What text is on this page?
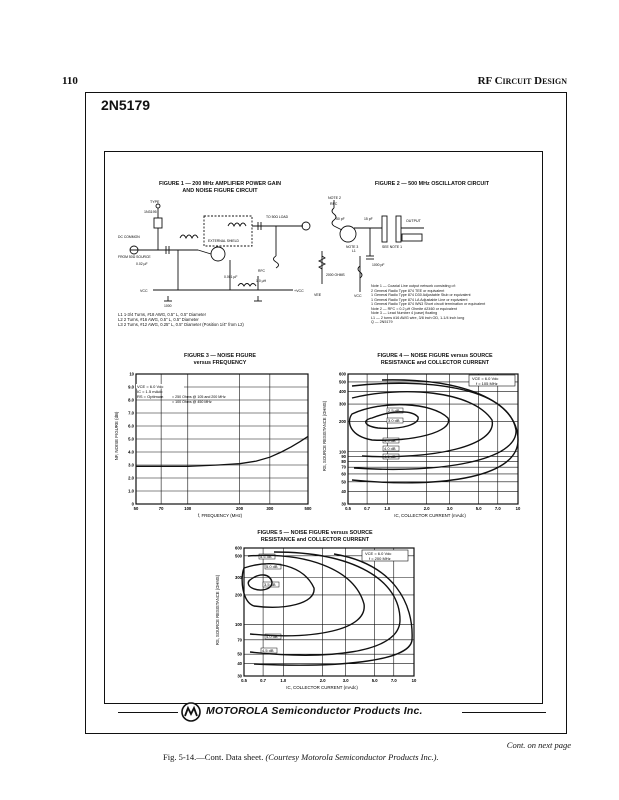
110	RF Circuit Design
2N5179
FIGURE 1 — 200 MHz AMPLIFIER POWER GAIN
AND NOISE FIGURE CIRCUIT
TYPE
1N3195
DC COMMON
FROM 50Ω SOURCE
0.02 µF
EXTERNAL SHIELD
TO 50Ω LOAD
VCC	+VCC
1000
0.001 µF
RFC
1.0 µH
L1 1-3/4 Turns, #18 AWG, 0.5" L, 0.5" Diameter
L2 2 Turns, #16 AWG, 0.5" L, 0.5" Diameter
L3 2 Turns, #12 AWG, 0.25" L, 0.5" Diameter (Position 1/4" from L2)
FIGURE 2 — 500 MHz OSCILLATOR CIRCUIT
NOTE 2
RFC
50 pF	15 pF	OUTPUT
NOTE 3	SEE NOTE 1
L1
1000 pF
VEE	VCC
2000 OHMS
Note 1 — Coaxial Line output network consisting of:
2 General Radio Type 874 TEE or equivalent
1 General Radio Type 874 D30 Adjustable Stub or equivalent
1 General Radio Type 874 LA Adjustable Line or equivalent
1 General Radio Type 874 WN3 Short circuit termination or equivalent
Note 2 — RFC = 0.2 µH Ohmite #Z460 or equivalent
Note 3 — Lead Number 4 (case) floating
L1 — 2 turns #16 AWG wire, 3/8 inch OD, 1-1/4 inch long
Q — 2N5179
FIGURE 3 — NOISE FIGURE
versus FREQUENCY
50	70	100	200	300	500
0
1.0
2.0
3.0
4.0
5.0
6.0
7.0
8.0
9.0
10
VCE = 6.0 Vdc
IC = 1.5 mAdc
RS = Optimum = 250 Ohms @ 105 and 200 MHz
= 100 Ohms @ 450 MHz
f, FREQUENCY (MHz)
NF, NOISE FIGURE (dB)
FIGURE 4 — NOISE FIGURE versus SOURCE
RESISTANCE and COLLECTOR CURRENT
0.5	0.7	1.0	2.0	3.0	5.0	7.0	10
30
40
50
60
70
80
90
100
200
300
400
500
600
2.5 dB
3.0 dB
3.5 dB
4.0 dB
4.5 dB
VCE = 6.0 Vdc
f = 105 MHz
IC, COLLECTOR CURRENT (mAdc)
RS, SOURCE RESISTANCE (OHMS)
FIGURE 5 — NOISE FIGURE versus SOURCE
RESISTANCE and COLLECTOR CURRENT
0.5	0.7	1.0	2.0	3.0	5.0	7.0	10
30
40
50
70
100
200
300
500
600
5.5 dB
5.0 dB
3.5 dB
4.0 dB
4.5 dB
VCE = 6.0 Vdc
f = 200 MHz
IC, COLLECTOR CURRENT (mAdc)
RS, SOURCE RESISTANCE (OHMS)
MOTOROLA Semiconductor Products Inc.
Cont. on next page
Fig. 5-14.—Cont. Data sheet. (Courtesy Motorola Semiconductor Products Inc.).
